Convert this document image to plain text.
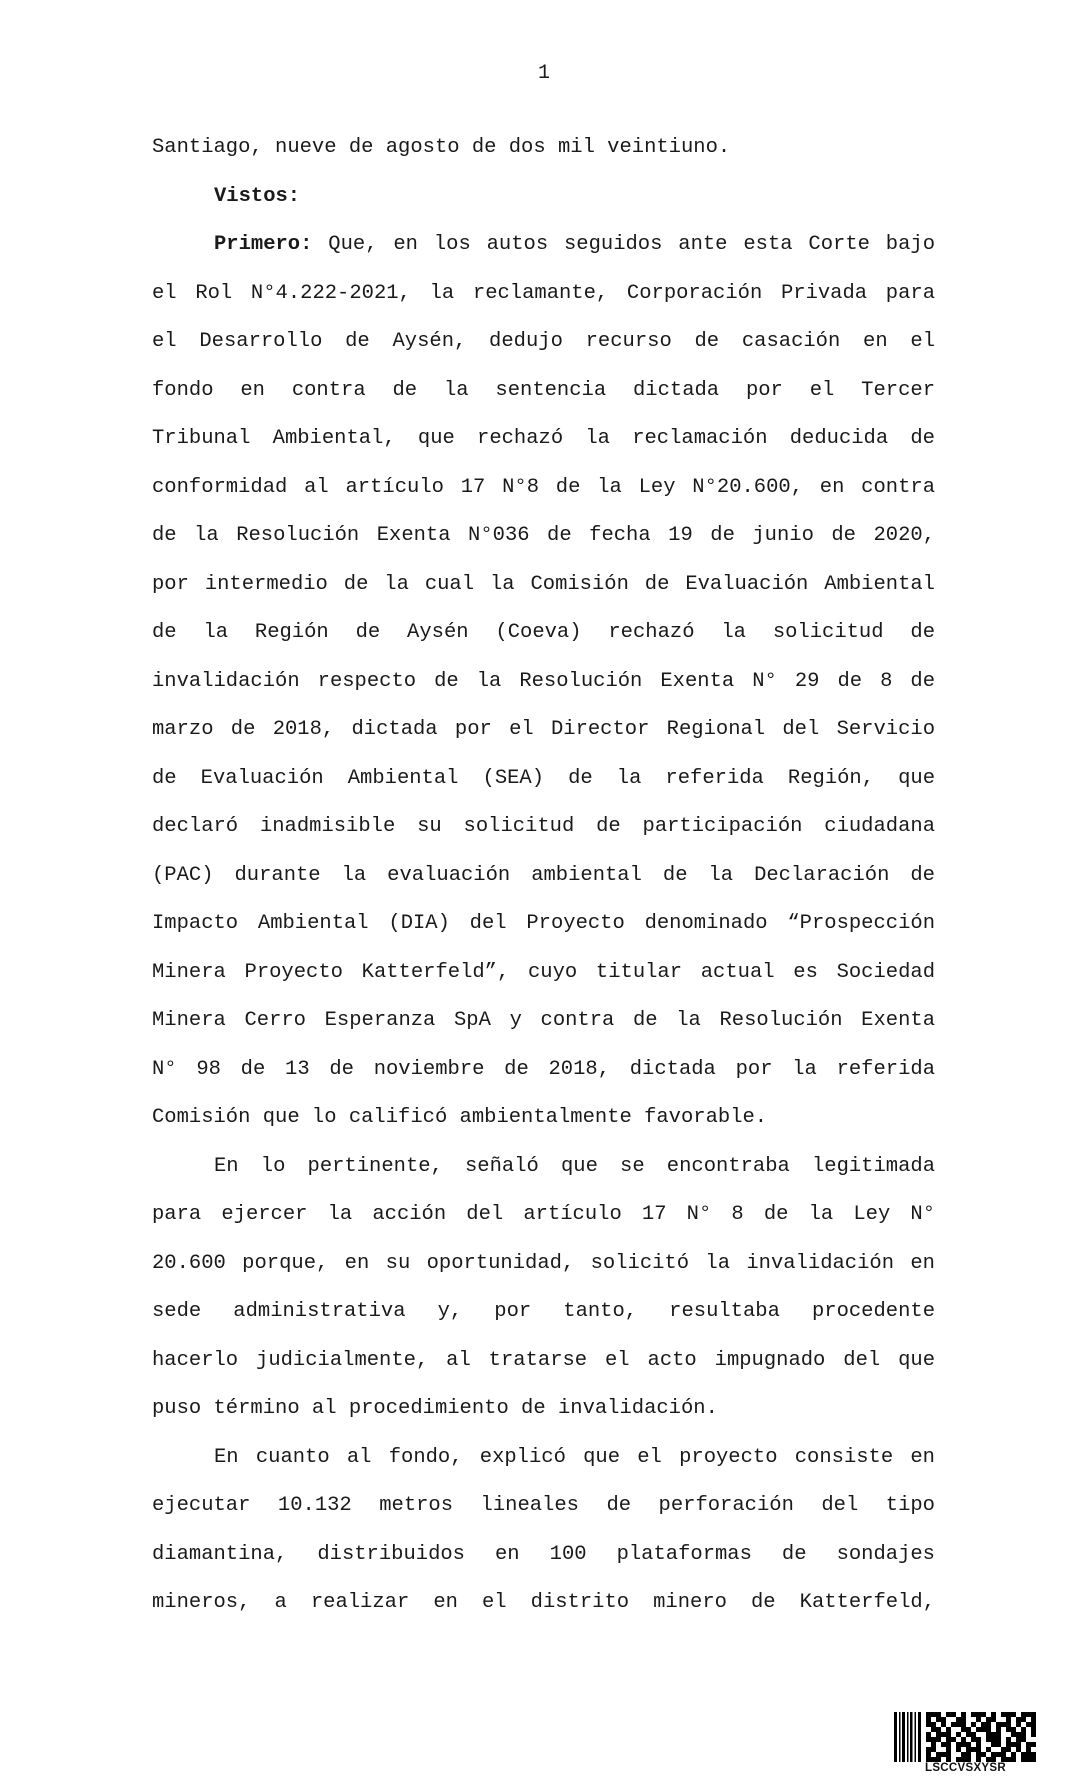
1
Santiago, nueve de agosto de dos mil veintiuno.
Vistos:
Primero: Que, en los autos seguidos ante esta Corte bajo
el Rol N°4.222-2021, la reclamante, Corporación Privada para
el Desarrollo de Aysén, dedujo recurso de casación en el
fondo en contra de la sentencia dictada por el Tercer
Tribunal Ambiental, que rechazó la reclamación deducida de
conformidad al artículo 17 N°8 de la Ley N°20.600, en contra
de la Resolución Exenta N°036 de fecha 19 de junio de 2020,
por intermedio de la cual la Comisión de Evaluación Ambiental
de la Región de Aysén (Coeva) rechazó la solicitud de
invalidación respecto de la Resolución Exenta N° 29 de 8 de
marzo de 2018, dictada por el Director Regional del Servicio
de Evaluación Ambiental (SEA) de la referida Región, que
declaró inadmisible su solicitud de participación ciudadana
(PAC) durante la evaluación ambiental de la Declaración de
Impacto Ambiental (DIA) del Proyecto denominado “Prospección
Minera Proyecto Katterfeld”, cuyo titular actual es Sociedad
Minera Cerro Esperanza SpA y contra de la Resolución Exenta
N° 98 de 13 de noviembre de 2018, dictada por la referida
Comisión que lo calificó ambientalmente favorable.
En lo pertinente, señaló que se encontraba legitimada
para ejercer la acción del artículo 17 N° 8 de la Ley N°
20.600 porque, en su oportunidad, solicitó la invalidación en
sede administrativa y, por tanto, resultaba procedente
hacerlo judicialmente, al tratarse el acto impugnado del que
puso término al procedimiento de invalidación.
En cuanto al fondo, explicó que el proyecto consiste en
ejecutar 10.132 metros lineales de perforación del tipo
diamantina, distribuidos en 100 plataformas de sondajes
mineros, a realizar en el distrito minero de Katterfeld,
LSCCVSXYSR
